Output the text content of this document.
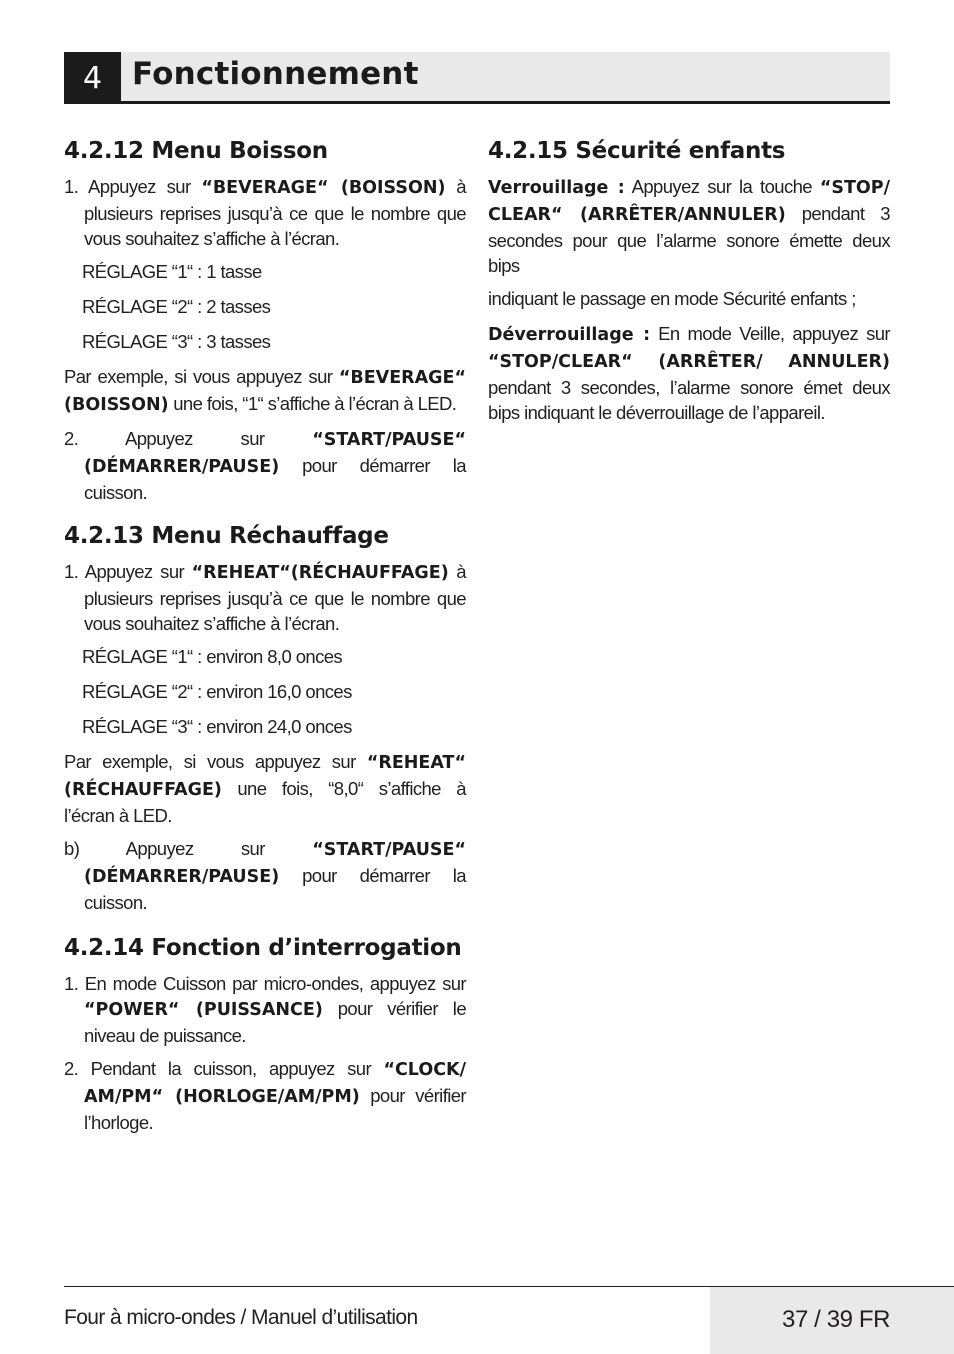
4 Fonctionnement
4.2.12 Menu Boisson

1. Appuyez sur “BEVERAGE“ (BOISSON) à plusieurs reprises jusqu’à ce que le nombre que vous souhaitez s’affiche à l’écran.

RÉGLAGE “1“ : 1 tasse

RÉGLAGE “2“ : 2 tasses

RÉGLAGE “3“ : 3 tasses

Par exemple, si vous appuyez sur “BEVERAGE“ (BOISSON) une fois, “1“ s’affiche à l’écran à LED.

2. Appuyez sur “START/PAUSE“ (DÉMARRER/PAUSE) pour démarrer la cuisson.

4.2.13 Menu Réchauffage

1. Appuyez sur “REHEAT“(RÉCHAUFFAGE) à plusieurs reprises jusqu’à ce que le nombre que vous souhaitez s’affiche à l’écran.

RÉGLAGE “1“ : environ 8,0 onces

RÉGLAGE “2“ : environ 16,0 onces

RÉGLAGE “3“ : environ 24,0 onces

Par exemple, si vous appuyez sur “REHEAT“ (RÉCHAUFFAGE) une fois, “8,0“ s’affiche à l’écran à LED.

b) Appuyez sur “START/PAUSE“ (DÉMARRER/PAUSE) pour démarrer la cuisson.

4.2.14 Fonction d’interrogation

1. En mode Cuisson par micro-ondes, appuyez sur “POWER“ (PUISSANCE) pour vérifier le niveau de puissance.

2. Pendant la cuisson, appuyez sur “CLOCK/ AM/PM“ (HORLOGE/AM/PM) pour vérifier l’horloge.

4.2.15 Sécurité enfants

Verrouillage : Appuyez sur la touche “STOP/ CLEAR“ (ARRÊTER/ANNULER) pendant 3 secondes pour que l’alarme sonore émette deux bips

indiquant le passage en mode Sécurité enfants ;

Déverrouillage : En mode Veille, appuyez sur “STOP/CLEAR“ (ARRÊTER/ ANNULER) pendant 3 secondes, l’alarme sonore émet deux bips indiquant le déverrouillage de l’appareil.

Four à micro-ondes / Manuel d’utilisation	37 / 39 FR
